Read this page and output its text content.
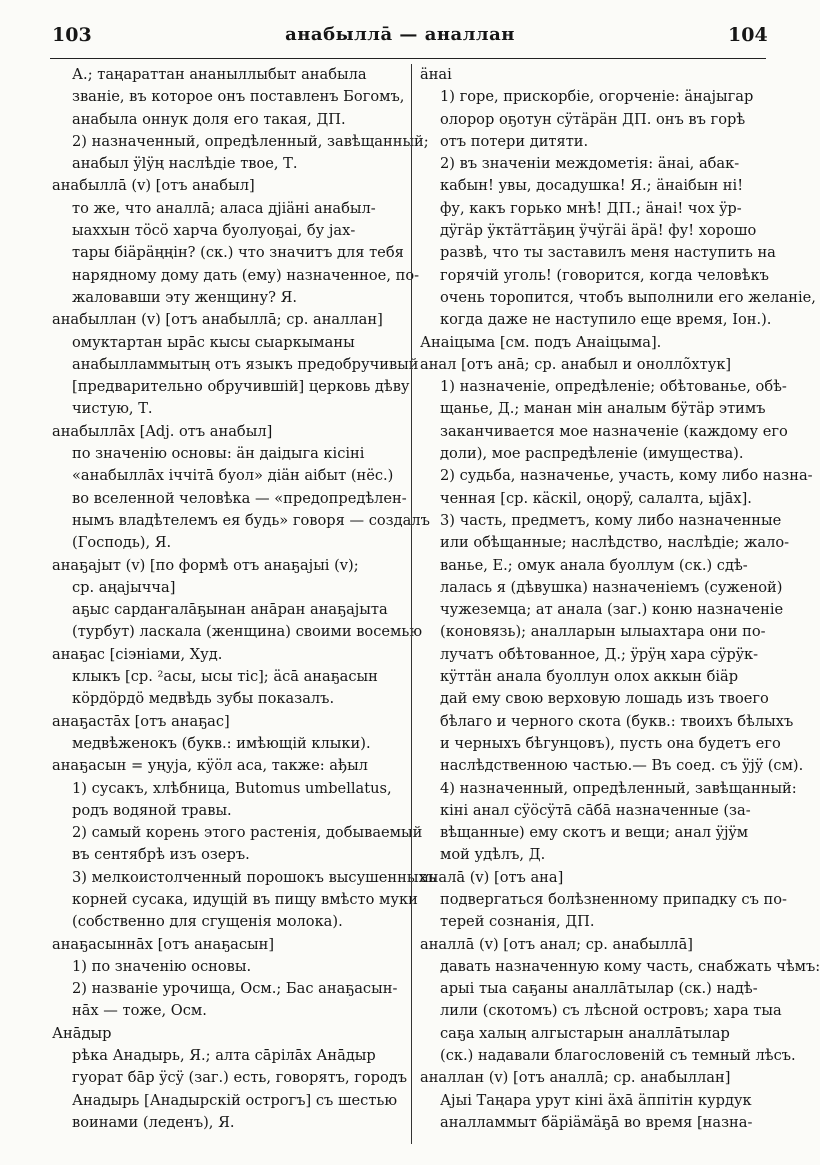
103	анабыллā — аналлан	104
А.; таңараттан ананыллыбыт анабыла
званіе, въ которое онъ поставленъ Богомъ,
анабыла оннук доля его такая, ДП.
2) назначенный, опредѣленный, завѣщанный;
анабыл ÿlÿң наслѣдіе твое, Т.
анабыллā (v) [отъ анабыл]
то же, что аналлā; аласа дjiäнi анабыл-
ыаххын тöсö харча буолуоҕаі, бу јах-
тары біäрäңңін? (ск.) что значитъ для тебя
нарядному дому дать (ему) назначенное, по-
жаловавши эту женщину? Я.
анабыллан (v) [отъ анабыллā; ср. аналлан]
омуктартан ырāс кысы сыаркыманы
анабылламмытың отъ языкъ предобручивый
[предварительно обручившій] церковь дѣву
чистую, Т.
анабыллāх [Adj. отъ анабыл]
по значенію основы: äн даідыга кісіні
«анабыллāх іччітā буол» діäн аібыт (нëс.)
во вселенной человѣка — «предопредѣлен-
нымъ владѣтелемъ ея будь» говоря — создалъ
(Господь), Я.
анаҕаjыт (v) [по формѣ отъ анаҕаjыі (v);
ср. аңаjычча]
аҕыс сардаҥалāҕынан анāран анаҕаjыта
(турбут) ласкала (женщина) своими восемью
анаҕас [сіэніами, Худ.
клыкъ [ср. ²асы, ысы тіс]; äсā анаҕасын
кöрдöрдö медвѣдь зубы показалъ.
анаҕастāх [отъ анаҕас]
медвѣженокъ (букв.: имѣющій клыки).
анаҕасын = уңуjа, кÿöл аса, также: ађыл
1) сусакъ, хлѣбница, Butomus umbellatus,
родъ водяной травы.
2) самый корень этого растенія, добываемый
въ сентябрѣ изъ озеръ.
3) мелкоистолченный порошокъ высушенныхъ
корней сусака, идущій въ пищу вмѣсто муки
(собственно для сгущенія молока).
анаҕасыннāх [отъ анаҕасын]
1) по значенію основы.
2) названіе урочища, Осм.; Бас анаҕасын-
нāх — тоже, Осм.
Анāдыр
рѣка Анадырь, Я.; алта сāрiлāх Анāдыр
гуорат бāр ÿсÿ (заг.) есть, говорятъ, городъ
Анадырь [Анадырскій острогъ] съ шестью
воинами (леденъ), Я.
äнаі
1) горе, прискорбіе, огорченіе: äнаjыгар
олорор оҕотун сÿтäрäн ДП. онъ въ горѣ
отъ потери дитяти.
2) въ значеніи междометія: äнаі, абак-
кабын! увы, досадушка! Я.; äнаібын ні!
фу, какъ горько мнѣ! ДП.; äнаі! чох ÿр-
дÿгäр ÿктäттäҕиң ÿчÿгäі äрä! фу! хорошо
развѣ, что ты заставилъ меня наступить на
горячій уголь! (говорится, когда человѣкъ
очень торопится, чтобъ выполнили его желаніе,
когда даже не наступило еще время, Іон.).
Анаіцыма [см. подъ Анаіцыма].
анал [отъ анā; ср. анабыл и оноллõхтук]
1) назначеніе, опредѣленіе; обѣтованье, обѣ-
щанье, Д.; манан мін аналым бÿтäр этимъ
заканчивается мое назначеніе (каждому его
доли), мое распредѣленіе (имущества).
2) судьба, назначенье, участь, кому либо назна-
ченная [ср. кäскіl, оңорÿ, салалта, ыјāх].
3) часть, предметъ, кому либо назначенные
или обѣщанные; наслѣдство, наслѣдіе; жало-
ванье, Е.; омук анала буоллум (ск.) сдѣ-
лалась я (дѣвушка) назначеніемъ (суженой)
чужеземца; ат анала (заг.) коню назначеніе
(коновязь); аналларын ылыахтара они по-
лучатъ обѣтованное, Д.; ÿрÿң хара сÿрÿк-
кÿттäн анала буоллун олох аккын біäр
дай ему свою верховую лошадь изъ твоего
бѣлаго и черного скота (букв.: твоихъ бѣлыхъ
и черныхъ бѣгунцовъ), пусть она будетъ его
наслѣдственною частью.— Въ соед. съ ÿjÿ (см).
4) назначенный, опредѣленный, завѣщанный:
кіні анал сÿöсÿтā сāбā назначенные (за-
вѣщанные) ему скотъ и вещи; анал ÿjÿм
мой удѣлъ, Д.
аналā (v) [отъ ана]
подвергаться болѣзненному припадку съ по-
терей сознанія, ДП.
аналлā (v) [отъ анал; ср. анабыллā]
давать назначенную кому часть, снабжать чѣмъ:
арыі тыа саҕаны аналлāтылар (ск.) надѣ-
лили (скотомъ) съ лѣсной островъ; хара тыа
саҕа халың алгыстарын аналлāтылар
(ск.) надавали благословеній съ темный лѣсъ.
аналлан (v) [отъ аналлā; ср. анабыллан]
Ајыі Таңара урут кіні äхā äппітін курдук
аналламмыт бäрiäмäҕā во время [назна-
